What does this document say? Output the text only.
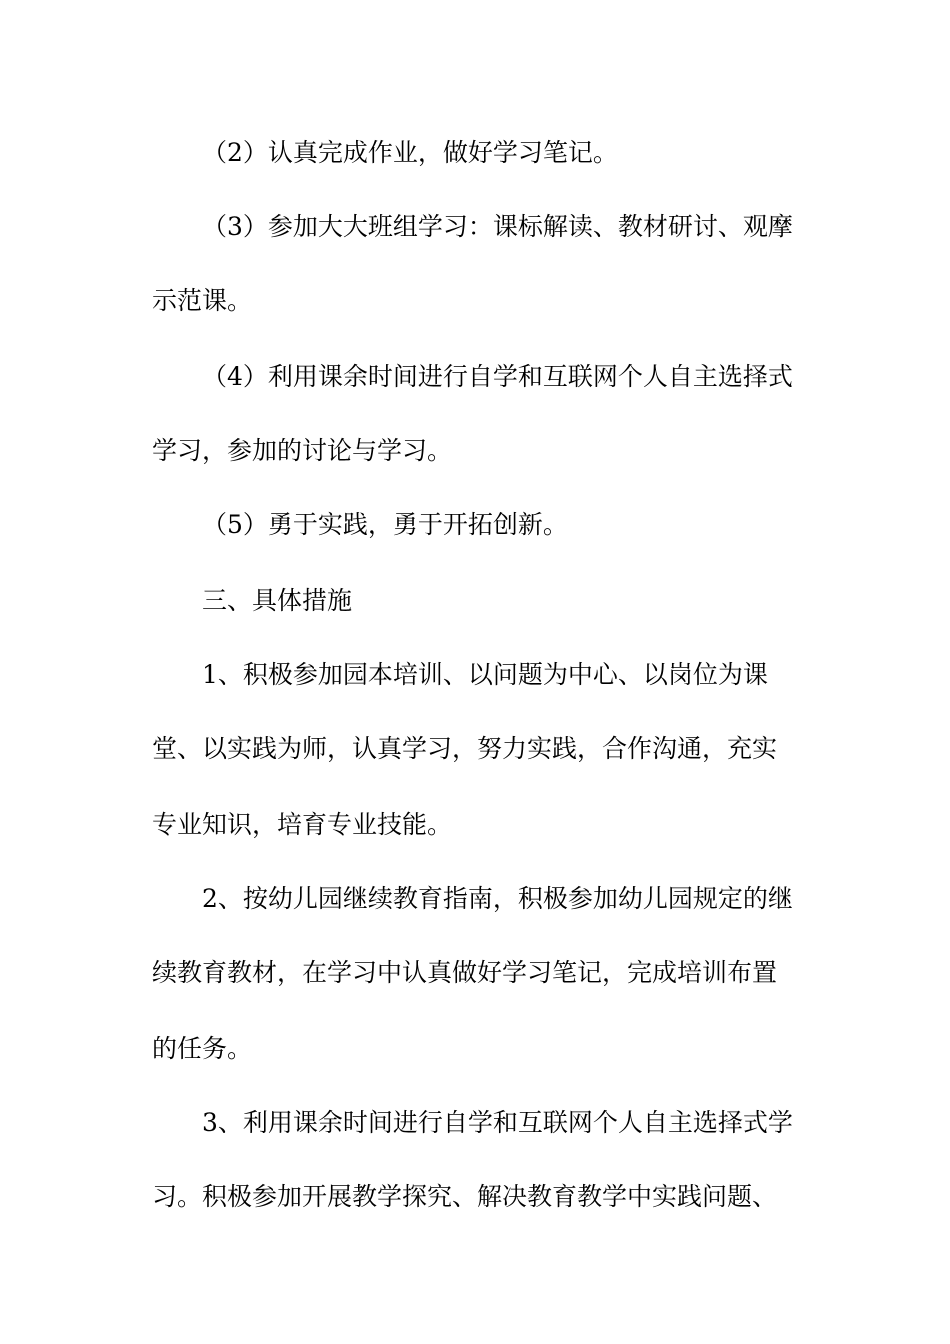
（2）认真完成作业，做好学习笔记。
（3）参加大大班组学习：课标解读、教材研讨、观摩
示范课。
（4）利用课余时间进行自学和互联网个人自主选择式
学习，参加的讨论与学习。
（5）勇于实践，勇于开拓创新。
三、具体措施
1、积极参加园本培训、以问题为中心、以岗位为课
堂、以实践为师，认真学习，努力实践，合作沟通，充实
专业知识，培育专业技能。
2、按幼儿园继续教育指南，积极参加幼儿园规定的继
续教育教材，在学习中认真做好学习笔记，完成培训布置
的任务。
3、利用课余时间进行自学和互联网个人自主选择式学
习。积极参加开展教学探究、解决教育教学中实践问题、
